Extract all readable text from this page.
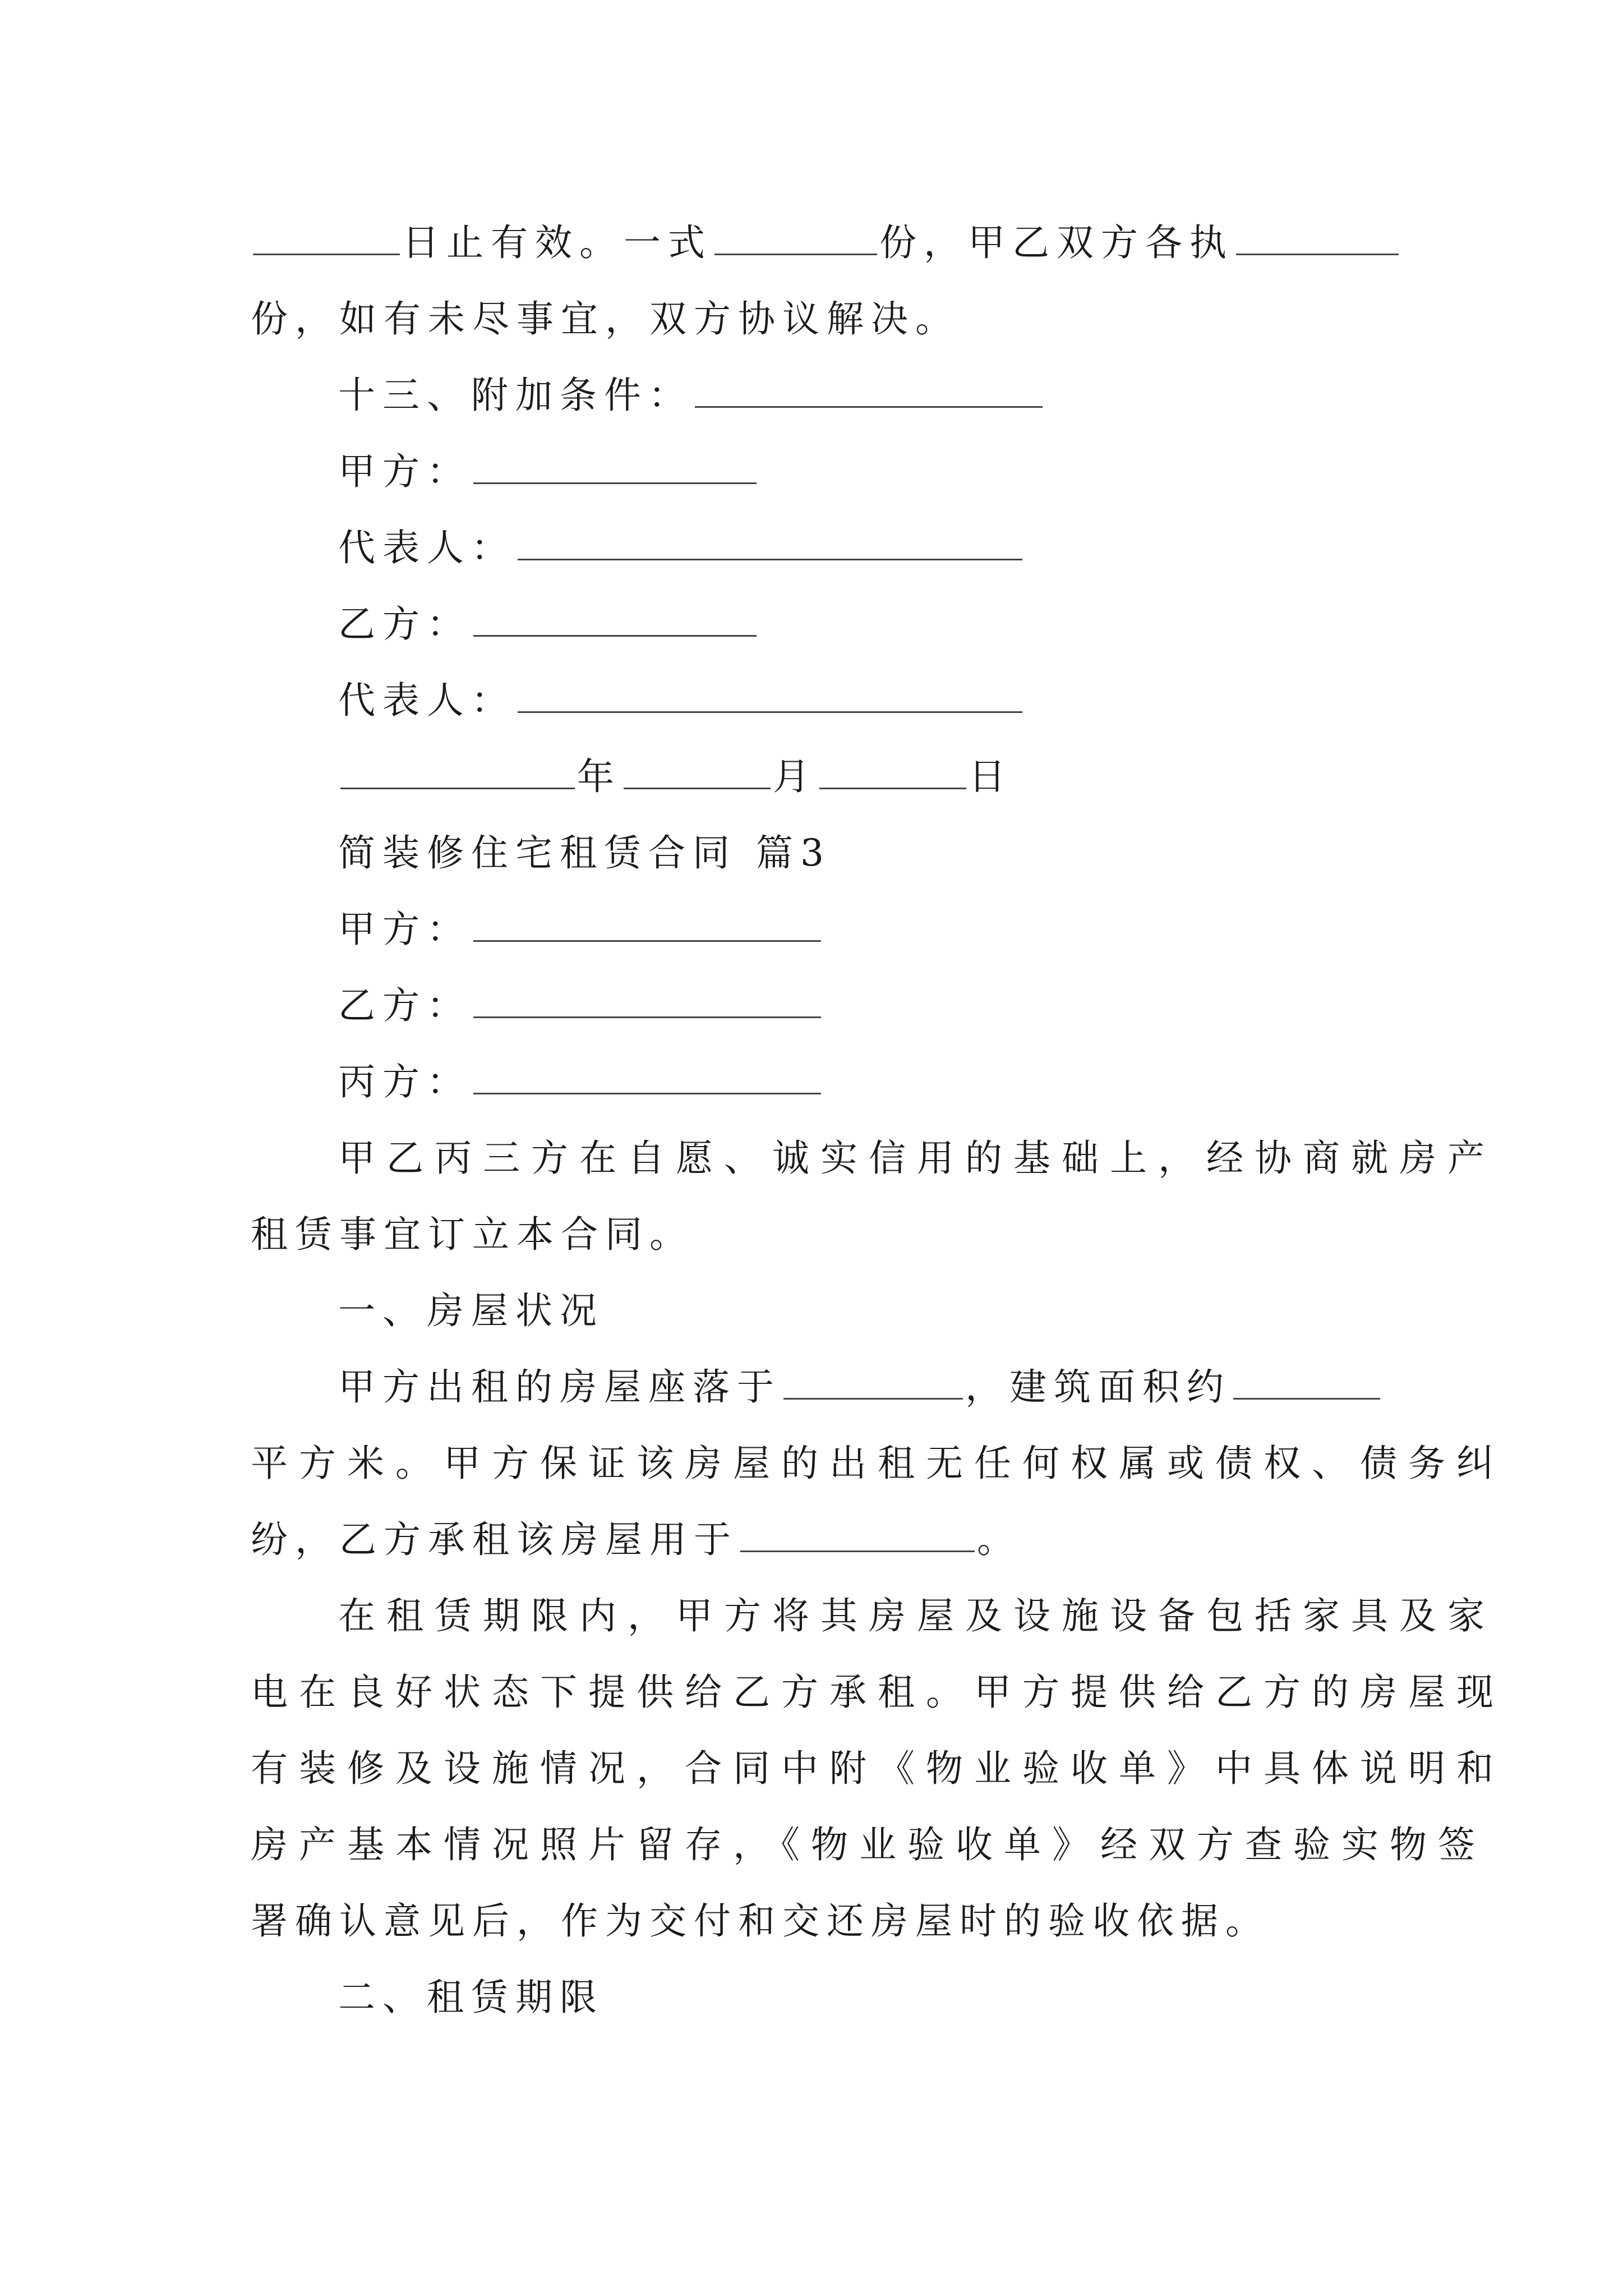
日止有效。一式	份，甲乙双方各执
份，如有未尽事宜，双方协议解决。
十三、附加条件：
甲方：
代表人：
乙方：
代表人：
年	月	日
简装修住宅租赁合同 篇3
甲方：
乙方：
丙方：
甲乙丙三方在自愿、诚实信用的基础上，经协商就房产
租赁事宜订立本合同。
一、房屋状况
甲方出租的房屋座落于	，建筑面积约
平方米。甲方保证该房屋的出租无任何权属或债权、债务纠
纷，乙方承租该房屋用于	。
在租赁期限内，甲方将其房屋及设施设备包括家具及家
电在良好状态下提供给乙方承租。甲方提供给乙方的房屋现
有装修及设施情况，合同中附《物业验收单》中具体说明和
房产基本情况照片留存，《物业验收单》经双方查验实物签
署确认意见后，作为交付和交还房屋时的验收依据。
二、租赁期限
